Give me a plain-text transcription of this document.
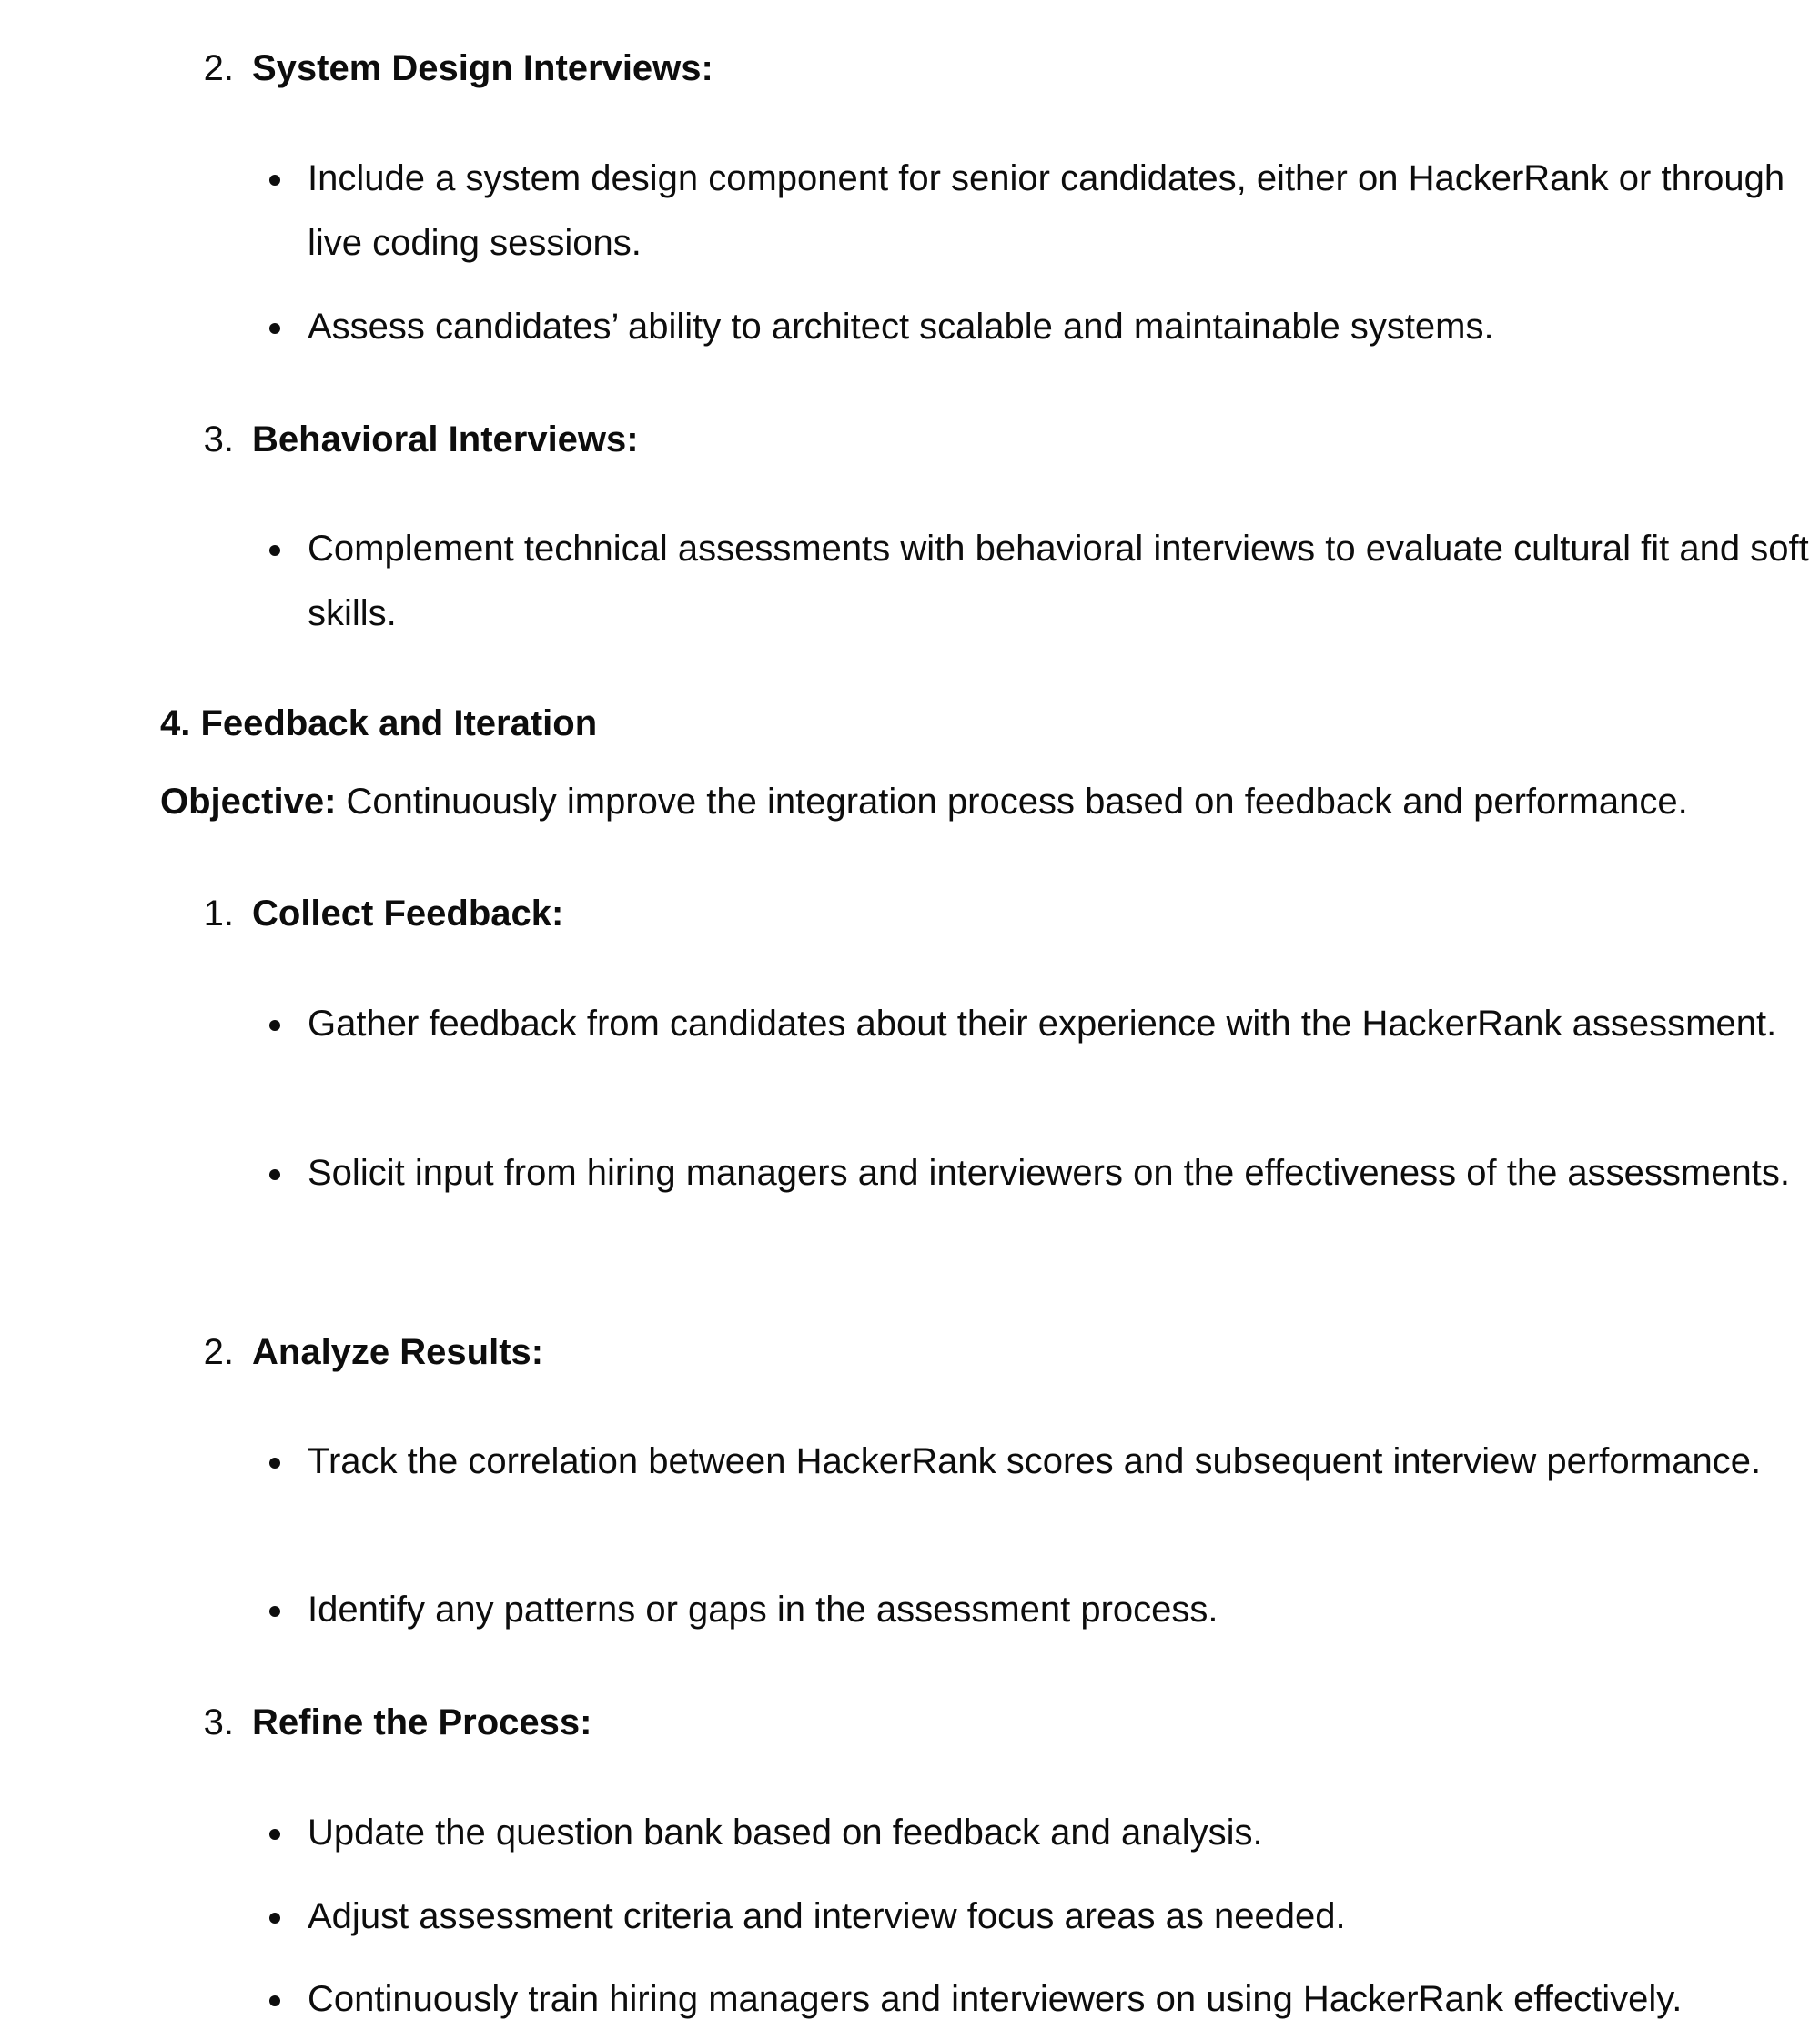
2. System Design Interviews:
Include a system design component for senior candidates, either on HackerRank or through live coding sessions.
Assess candidates’ ability to architect scalable and maintainable systems.
3. Behavioral Interviews:
Complement technical assessments with behavioral interviews to evaluate cultural fit and soft skills.
4. Feedback and Iteration
Objective: Continuously improve the integration process based on feedback and performance.
1. Collect Feedback:
Gather feedback from candidates about their experience with the HackerRank assessment.
Solicit input from hiring managers and interviewers on the effectiveness of the assessments.
2. Analyze Results:
Track the correlation between HackerRank scores and subsequent interview performance.
Identify any patterns or gaps in the assessment process.
3. Refine the Process:
Update the question bank based on feedback and analysis.
Adjust assessment criteria and interview focus areas as needed.
Continuously train hiring managers and interviewers on using HackerRank effectively.
